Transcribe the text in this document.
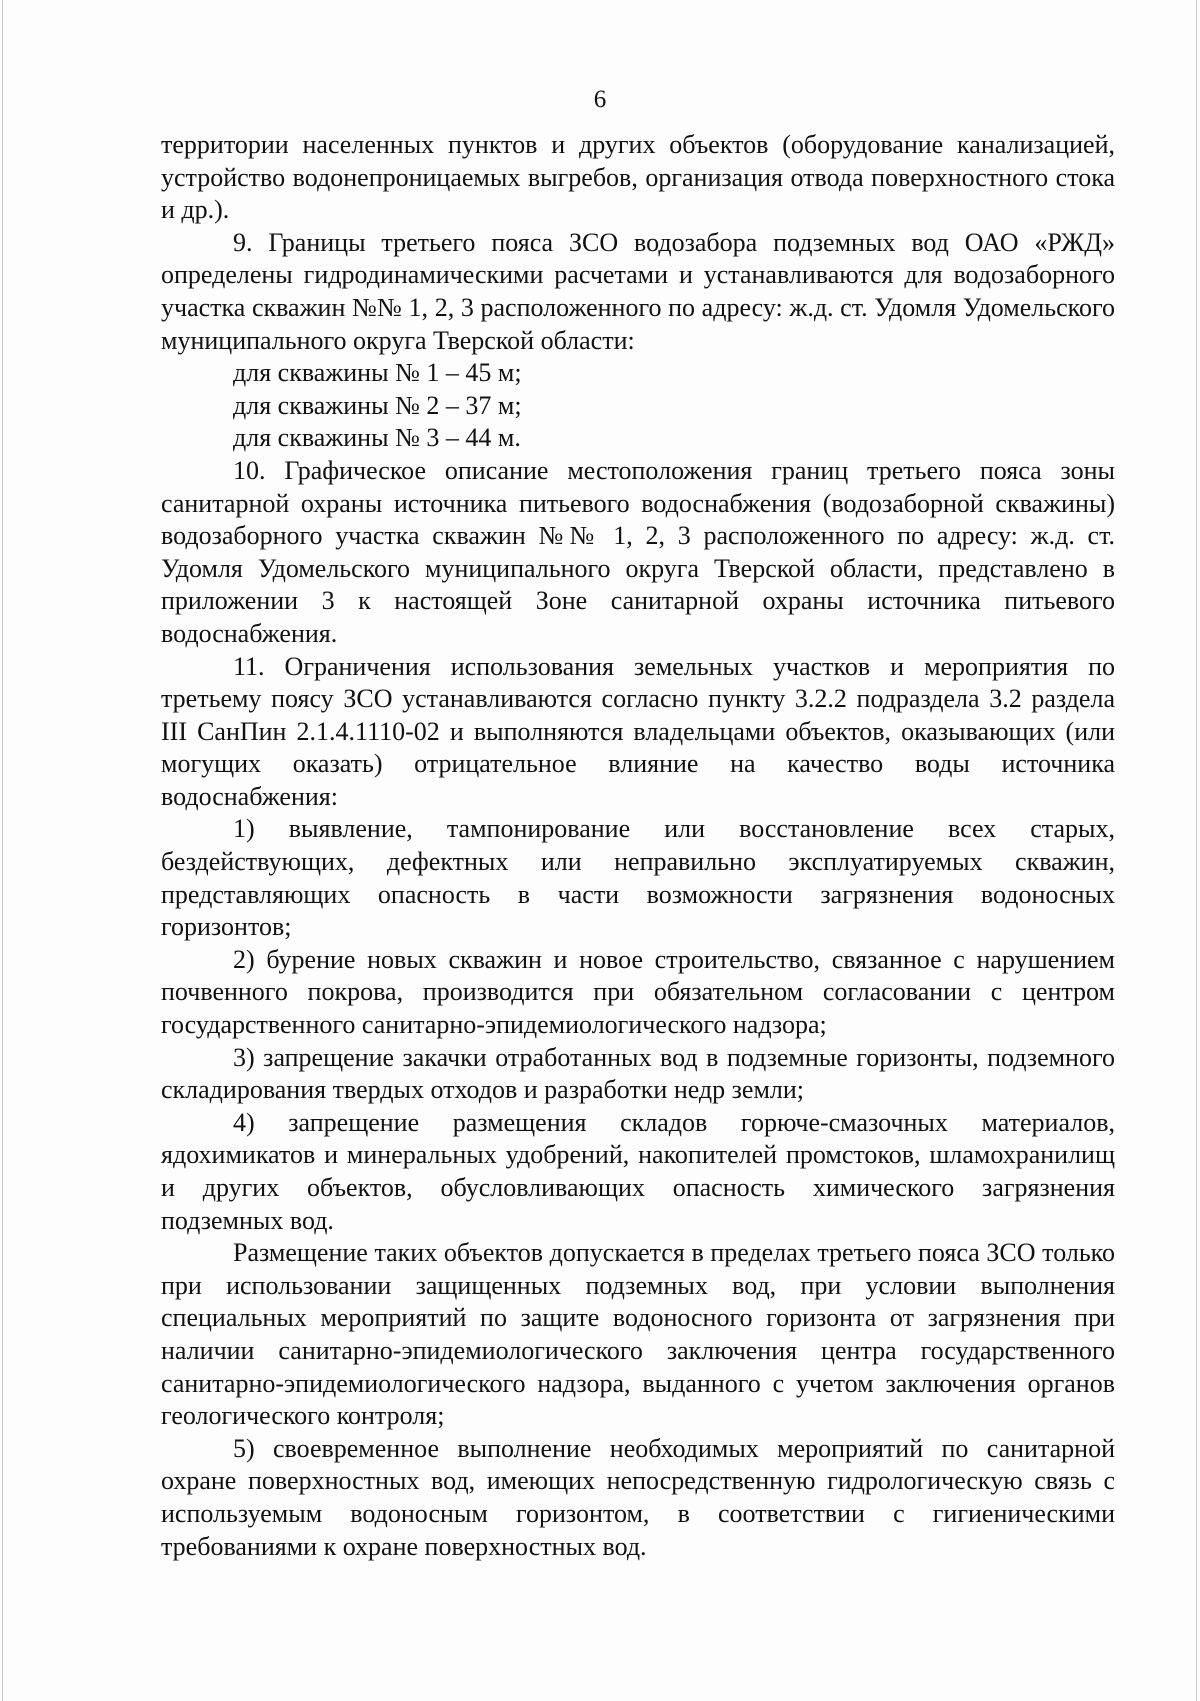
6

территории населенных пунктов и других объектов (оборудование канализацией, устройство водонепроницаемых выгребов, организация отвода поверхностного стока и др.).

9. Границы третьего пояса ЗСО водозабора подземных вод ОАО «РЖД» определены гидродинамическими расчетами и устанавливаются для водозаборного участка скважин №№ 1, 2, 3 расположенного по адресу: ж.д. ст. Удомля Удомельского муниципального округа Тверской области:

для скважины № 1 – 45 м;

для скважины № 2 – 37 м;

для скважины № 3 – 44 м.

10. Графическое описание местоположения границ третьего пояса зоны санитарной охраны источника питьевого водоснабжения (водозаборной скважины) водозаборного участка скважин №№ 1, 2, 3 расположенного по адресу: ж.д. ст. Удомля Удомельского муниципального округа Тверской области, представлено в приложении 3 к настоящей Зоне санитарной охраны источника питьевого водоснабжения.

11. Ограничения использования земельных участков и мероприятия по третьему поясу ЗСО устанавливаются согласно пункту 3.2.2 подраздела 3.2 раздела III СанПин 2.1.4.1110-02 и выполняются владельцами объектов, оказывающих (или могущих оказать) отрицательное влияние на качество воды источника водоснабжения:

1) выявление, тампонирование или восстановление всех старых, бездействующих, дефектных или неправильно эксплуатируемых скважин, представляющих опасность в части возможности загрязнения водоносных горизонтов;

2) бурение новых скважин и новое строительство, связанное с нарушением почвенного покрова, производится при обязательном согласовании с центром государственного санитарно-эпидемиологического надзора;

3) запрещение закачки отработанных вод в подземные горизонты, подземного складирования твердых отходов и разработки недр земли;

4) запрещение размещения складов горюче-смазочных материалов, ядохимикатов и минеральных удобрений, накопителей промстоков, шламохранилищ и других объектов, обусловливающих опасность химического загрязнения подземных вод.

Размещение таких объектов допускается в пределах третьего пояса ЗСО только при использовании защищенных подземных вод, при условии выполнения специальных мероприятий по защите водоносного горизонта от загрязнения при наличии санитарно-эпидемиологического заключения центра государственного санитарно-эпидемиологического надзора, выданного с учетом заключения органов геологического контроля;

5) своевременное выполнение необходимых мероприятий по санитарной охране поверхностных вод, имеющих непосредственную гидрологическую связь с используемым водоносным горизонтом, в соответствии с гигиеническими требованиями к охране поверхностных вод.
